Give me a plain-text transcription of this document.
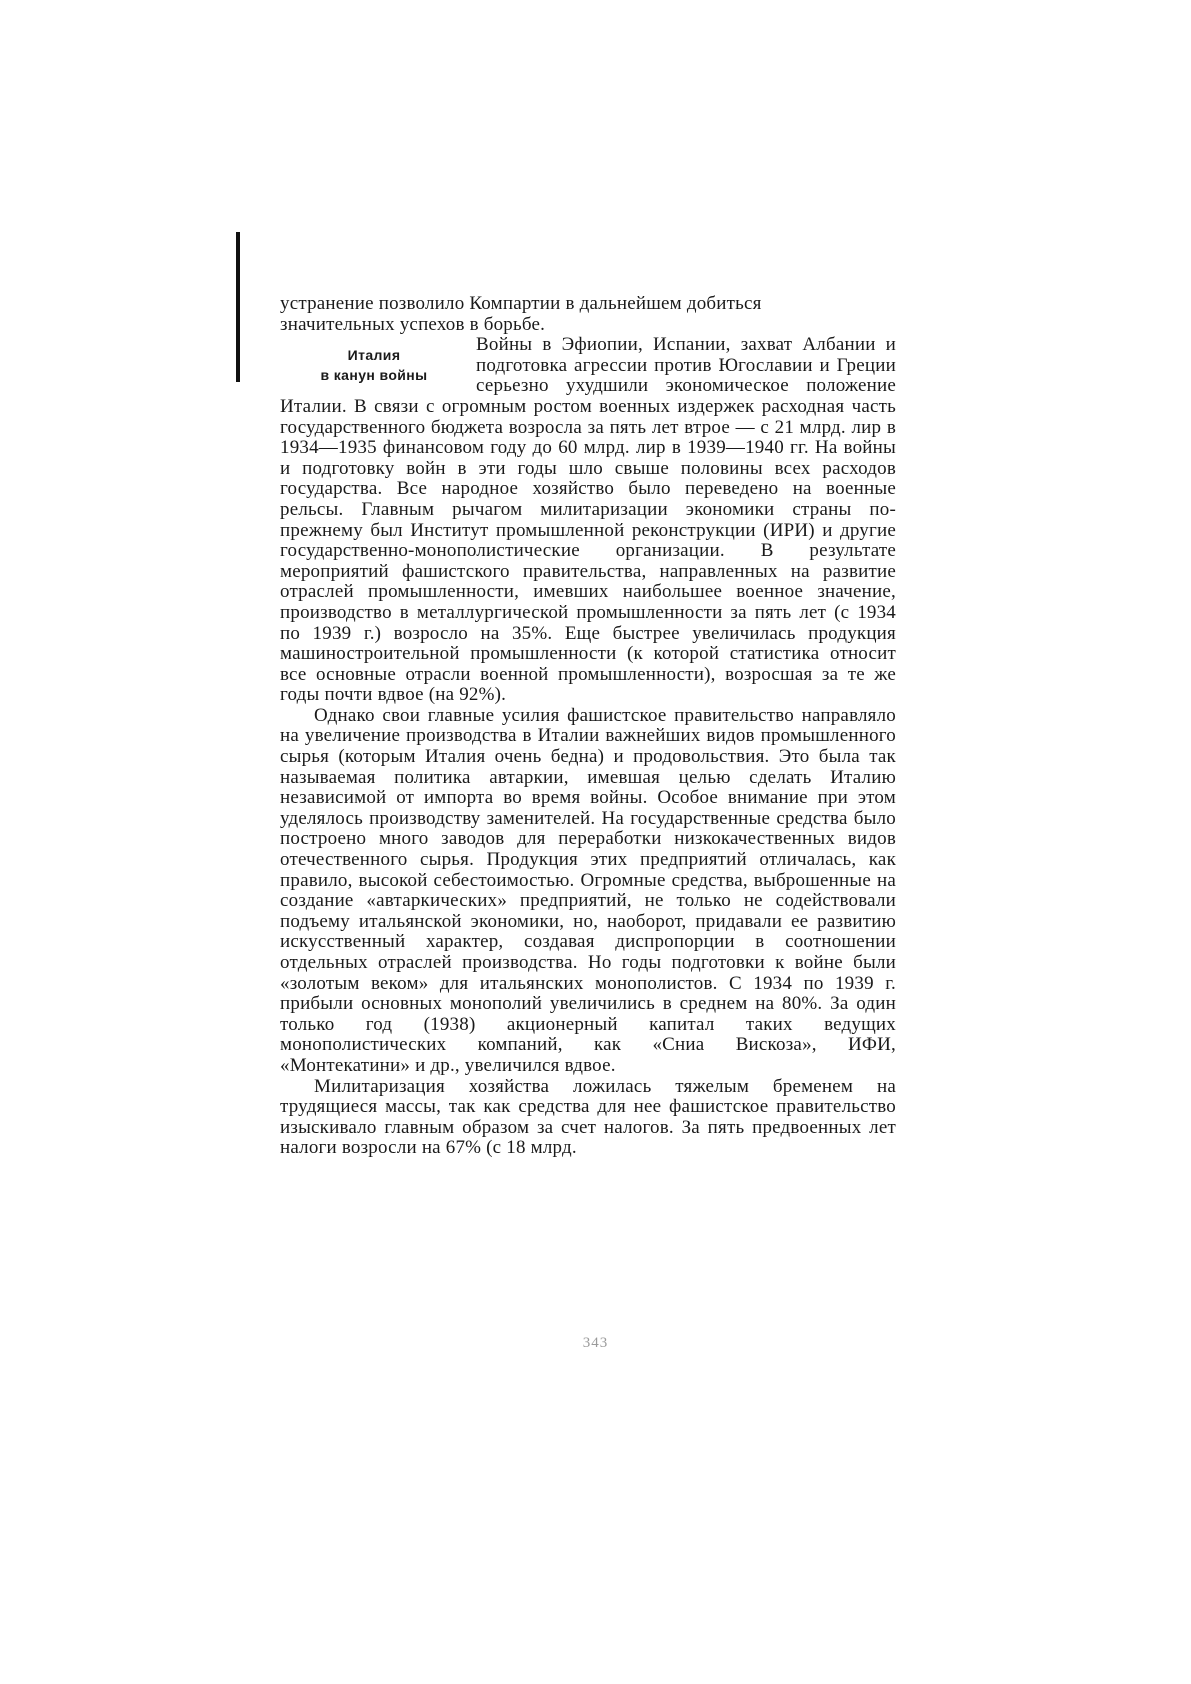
устранение позволило Компартии в дальнейшем добиться

значительных успехов в борьбе.

Италия
в канун войны

Войны в Эфиопии, Испании, захват Албании и подготовка агрессии против Югославии и Греции серьезно ухудшили экономическое положение Италии. В связи с огромным ростом военных издержек расходная часть государственного бюджета возросла за пять лет втрое — с 21 млрд. лир в 1934—1935 финансовом году до 60 млрд. лир в 1939—1940 гг. На войны и подготовку войн в эти годы шло свыше половины всех расходов государства. Все народное хозяйство было переведено на военные рельсы. Главным рычагом милитаризации экономики страны по-прежнему был Институт промышленной реконструкции (ИРИ) и другие государственно-монополистические организации. В результате мероприятий фашистского правительства, направленных на развитие отраслей промышленности, имевших наибольшее военное значение, производство в металлургической промышленности за пять лет (с 1934 по 1939 г.) возросло на 35%. Еще быстрее увеличилась продукция машиностроительной промышленности (к которой статистика относит все основные отрасли военной промышленности), возросшая за те же годы почти вдвое (на 92%).

Однако свои главные усилия фашистское правительство направляло на увеличение производства в Италии важнейших видов промышленного сырья (которым Италия очень бедна) и продовольствия. Это была так называемая политика автаркии, имевшая целью сделать Италию независимой от импорта во время войны. Особое внимание при этом уделялось производству заменителей. На государственные средства было построено много заводов для переработки низкокачественных видов отечественного сырья. Продукция этих предприятий отличалась, как правило, высокой себестоимостью. Огромные средства, выброшенные на создание «автаркических» предприятий, не только не содействовали подъему итальянской экономики, но, наоборот, придавали ее развитию искусственный характер, создавая диспропорции в соотношении отдельных отраслей производства. Но годы подготовки к войне были «золотым веком» для итальянских монополистов. С 1934 по 1939 г. прибыли основных монополий увеличились в среднем на 80%. За один только год (1938) акционерный капитал таких ведущих монополистических компаний, как «Сниа Вискоза», ИФИ, «Монтекатини» и др., увеличился вдвое.

Милитаризация хозяйства ложилась тяжелым бременем на трудящиеся массы, так как средства для нее фашистское правительство изыскивало главным образом за счет налогов. За пять предвоенных лет налоги возросли на 67% (с 18 млрд.

343
